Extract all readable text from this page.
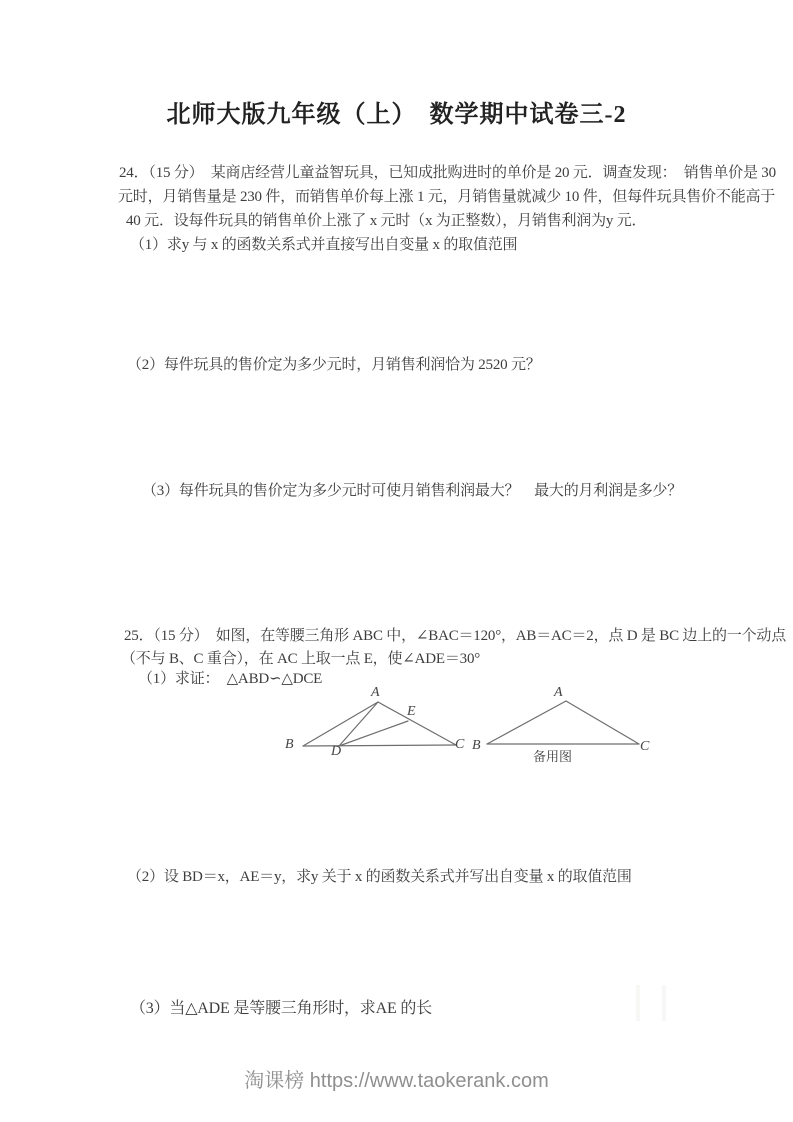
北师大版九年级（上）　数学期中试卷三-2

24．（15 分）　某商店经营儿童益智玩具，已知成批购进时的单价是 20 元．调查发现：　销售单价是 30

元时，月销售量是 230 件，而销售单价每上涨 1 元，月销售量就减少 10 件，但每件玩具售价不能高于

40 元．设每件玩具的销售单价上涨了 x 元时（x 为正整数），月销售利润为y 元．

（1）求y 与 x 的函数关系式并直接写出自变量 x 的取值范围

（2）每件玩具的售价定为多少元时，月销售利润恰为 2520 元？

（3）每件玩具的售价定为多少元时可使月销售利润最大？　最大的月利润是多少？

25．（15 分）　如图，在等腰三角形 ABC 中，∠BAC＝120°，AB＝AC＝2，点 D 是 BC 边上的一个动点

（不与 B、C 重合），在 AC 上取一点 E，使∠ADE＝30°

（1）求证：　△ABD∽△DCE

A
B	C
D
E
A
B	C
备用图

（2）设 BD＝x，AE＝y，求y 关于 x 的函数关系式并写出自变量 x 的取值范围

（3）当△ADE 是等腰三角形时，求AE 的长

淘课榜 https://www.taokerank.com
